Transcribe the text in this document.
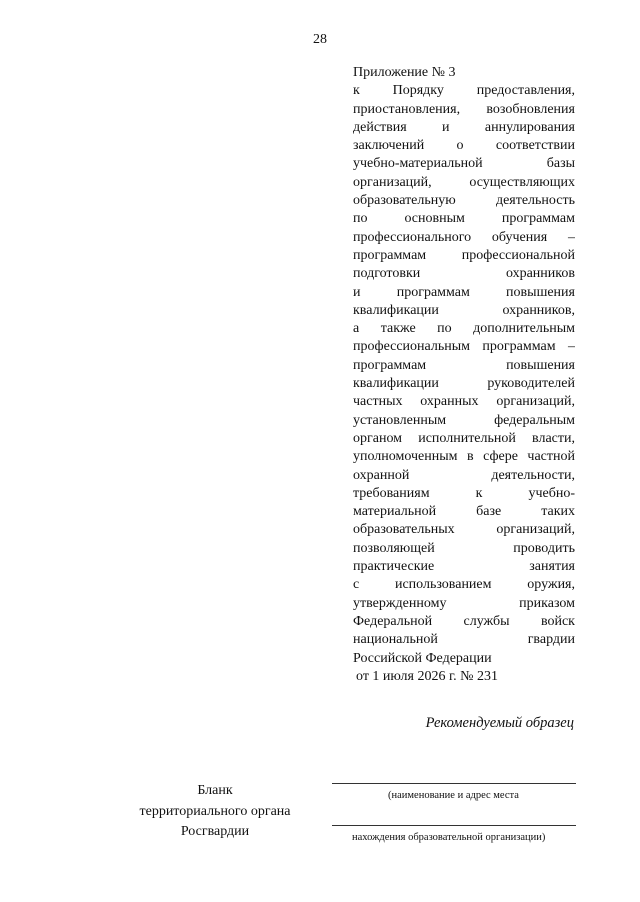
28
Приложение № 3
к Порядку предоставления,
приостановления, возобновления
действия и аннулирования
заключений о соответствии
учебно-материальной базы
организаций, осуществляющих
образовательную деятельность
по основным программам
профессионального обучения –
программам профессиональной
подготовки охранников
и программам повышения
квалификации охранников,
а также по дополнительным
профессиональным программам –
программам повышения
квалификации руководителей
частных охранных организаций,
установленным федеральным
органом исполнительной власти,
уполномоченным в сфере частной
охранной деятельности,
требованиям к учебно-
материальной базе таких
образовательных организаций,
позволяющей проводить
практические занятия
с использованием оружия,
утвержденному приказом
Федеральной службы войск
национальной гвардии
Российской Федерации
от 1 июля 2026 г. № 231
Рекомендуемый образец
Бланк
территориального органа
Росгвардии
(наименование и адрес места
нахождения образовательной организации)
